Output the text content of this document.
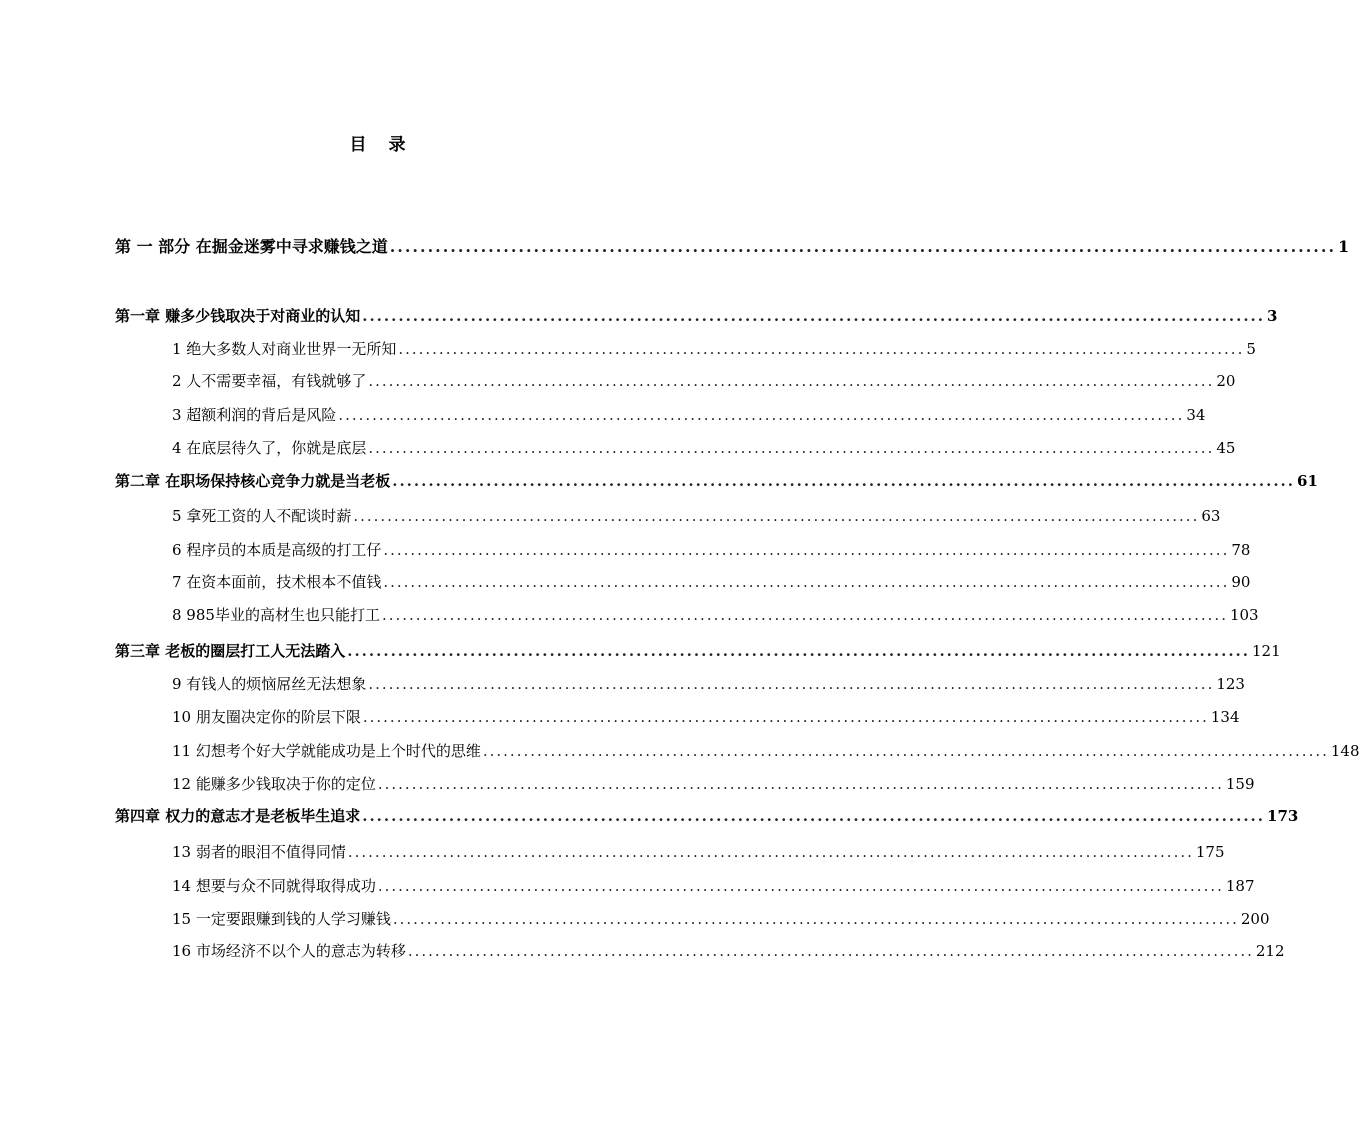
目 录
第 一 部分 在掘金迷雾中寻求赚钱之道 ............................................................................................................................. 1
第一章 赚多少钱取决于对商业的认知 ............................................................................................................................. 3
1 绝大多数人对商业世界一无所知 ............................................................................................................................. 5
2 人不需要幸福，有钱就够了 ............................................................................................................................. 20
3 超额利润的背后是风险 ............................................................................................................................. 34
4 在底层待久了，你就是底层 ............................................................................................................................. 45
第二章 在职场保持核心竞争力就是当老板 ............................................................................................................................. 61
5 拿死工资的人不配谈时薪 ............................................................................................................................. 63
6 程序员的本质是高级的打工仔 ............................................................................................................................. 78
7 在资本面前，技术根本不值钱 ............................................................................................................................. 90
8 985毕业的高材生也只能打工 ............................................................................................................................. 103
第三章 老板的圈层打工人无法踏入 ............................................................................................................................. 121
9 有钱人的烦恼屌丝无法想象 ............................................................................................................................. 123
10 朋友圈决定你的阶层下限 ............................................................................................................................. 134
11 幻想考个好大学就能成功是上个时代的思维 ............................................................................................................................. 148
12 能赚多少钱取决于你的定位 ............................................................................................................................. 159
第四章 权力的意志才是老板毕生追求 ............................................................................................................................. 173
13 弱者的眼泪不值得同情 ............................................................................................................................. 175
14 想要与众不同就得取得成功 ............................................................................................................................. 187
15 一定要跟赚到钱的人学习赚钱 ............................................................................................................................. 200
16 市场经济不以个人的意志为转移 ............................................................................................................................. 212
